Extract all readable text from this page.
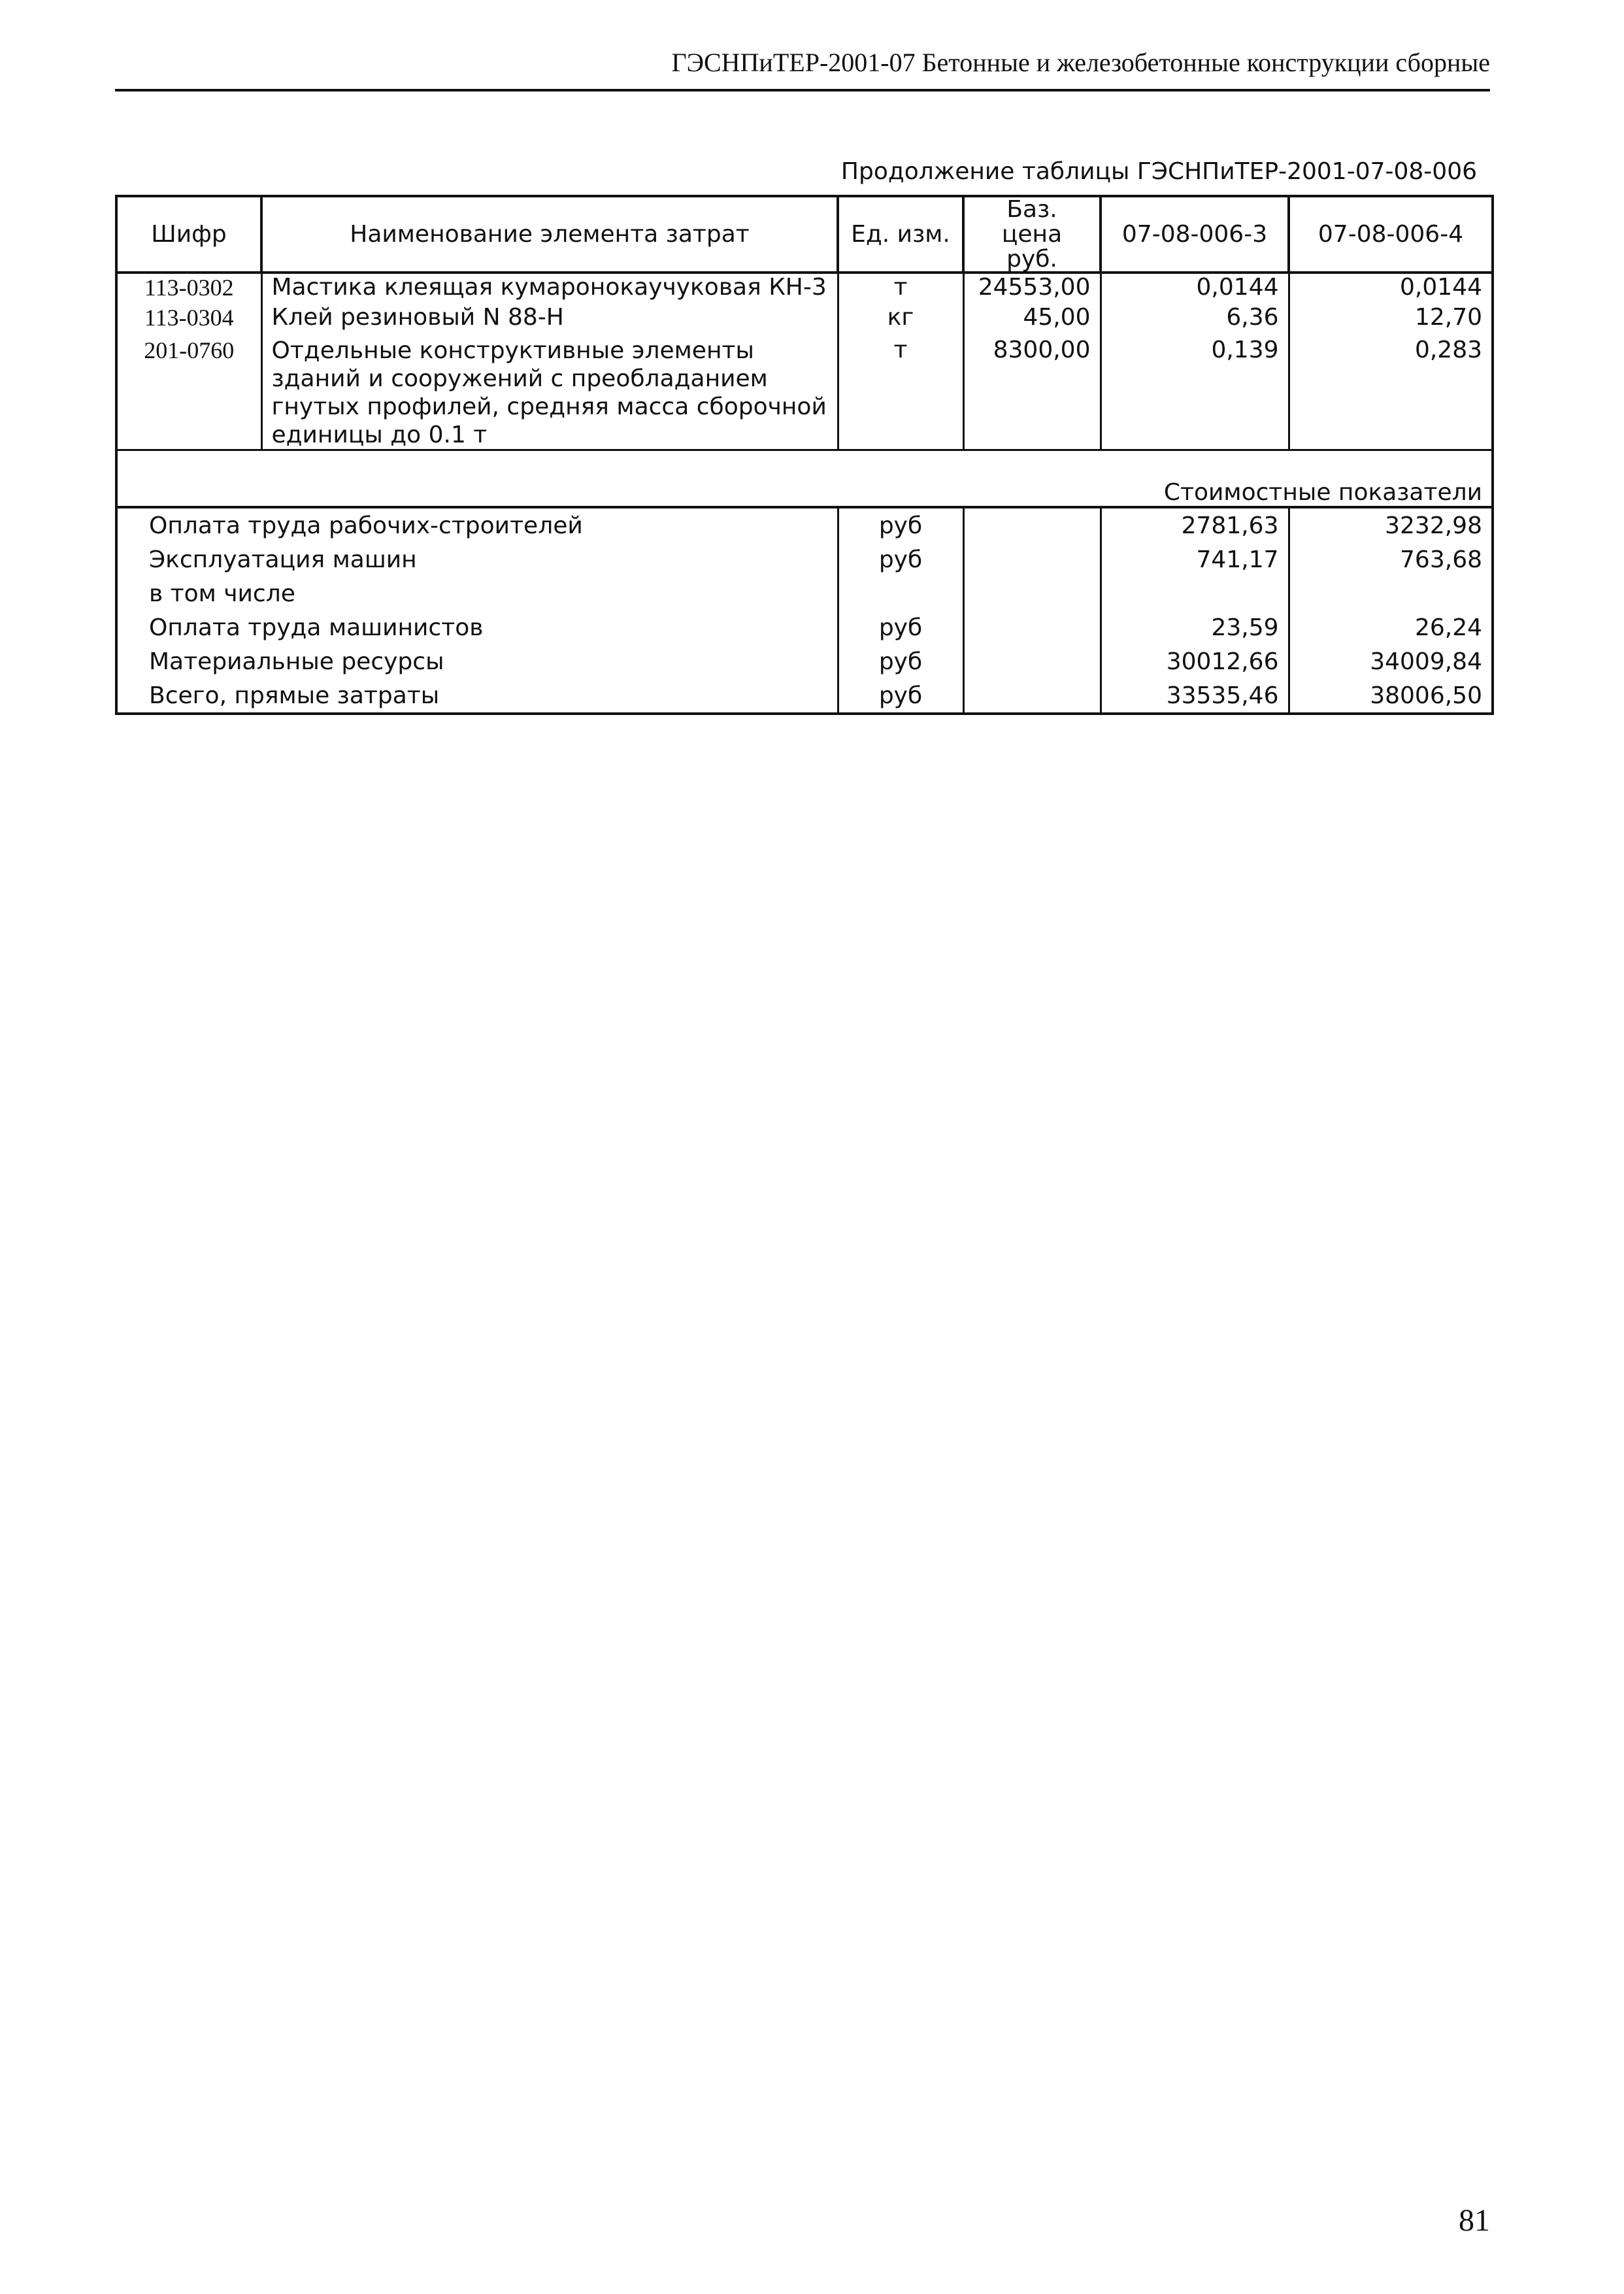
ГЭСНПиТЕР-2001-07 Бетонные и железобетонные конструкции сборные
Продолжение таблицы ГЭСНПиТЕР-2001-07-08-006
Шифр	Наименование элемента затрат	Ед. изм.	Баз. цена руб.	07-08-006-3	07-08-006-4
113-0302	Мастика клеящая кумаронокаучуковая КН-3	т	24553,00	0,0144	0,0144
113-0304	Клей резиновый N 88-Н	кг	45,00	6,36	12,70
201-0760	Отдельные конструктивные элементы зданий и сооружений с преобладанием гнутых профилей, средняя масса сборочной единицы до 0.1 т	т	8300,00	0,139	0,283
Стоимостные показатели					
Оплата труда рабочих-строителей		руб		2781,63	3232,98
Эксплуатация машин		руб		741,17	763,68
в том числе					
Оплата труда машинистов		руб		23,59	26,24
Материальные ресурсы		руб		30012,66	34009,84
Всего, прямые затраты		руб		33535,46	38006,50
81
